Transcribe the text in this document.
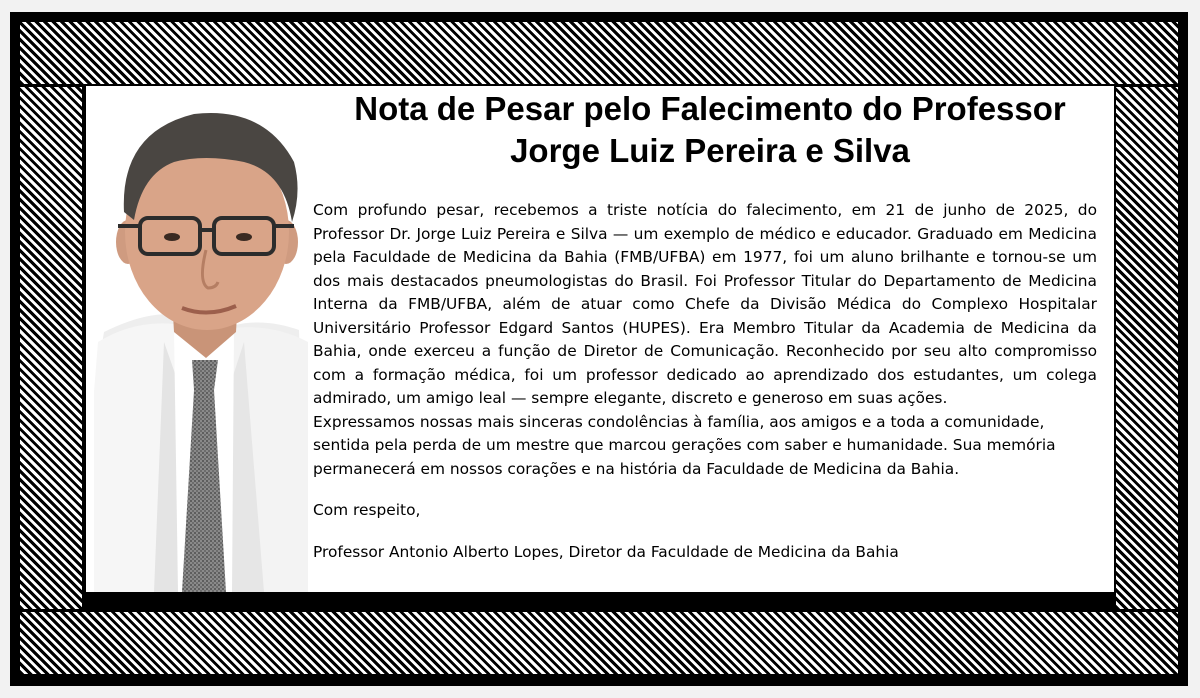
Nota de Pesar pelo Falecimento do Professor
Jorge Luiz Pereira e Silva

Com profundo pesar, recebemos a triste notícia do falecimento, em 21 de junho de 2025, do Professor Dr. Jorge Luiz Pereira e Silva — um exemplo de médico e educador. Graduado em Medicina pela Faculdade de Medicina da Bahia (FMB/UFBA) em 1977, foi um aluno brilhante e tornou-se um dos mais destacados pneumologistas do Brasil. Foi Professor Titular do Departamento de Medicina Interna da FMB/UFBA, além de atuar como Chefe da Divisão Médica do Complexo Hospitalar Universitário Professor Edgard Santos (HUPES). Era Membro Titular da Academia de Medicina da Bahia, onde exerceu a função de Diretor de Comunicação. Reconhecido por seu alto compromisso com a formação médica, foi um professor dedicado ao aprendizado dos estudantes, um colega admirado, um amigo leal — sempre elegante, discreto e generoso em suas ações.

Expressamos nossas mais sinceras condolências à família, aos amigos e a toda a comunidade, sentida pela perda de um mestre que marcou gerações com saber e humanidade. Sua memória permanecerá em nossos corações e na história da Faculdade de Medicina da Bahia.

Com respeito,

Professor Antonio Alberto Lopes, Diretor da Faculdade de Medicina da Bahia
